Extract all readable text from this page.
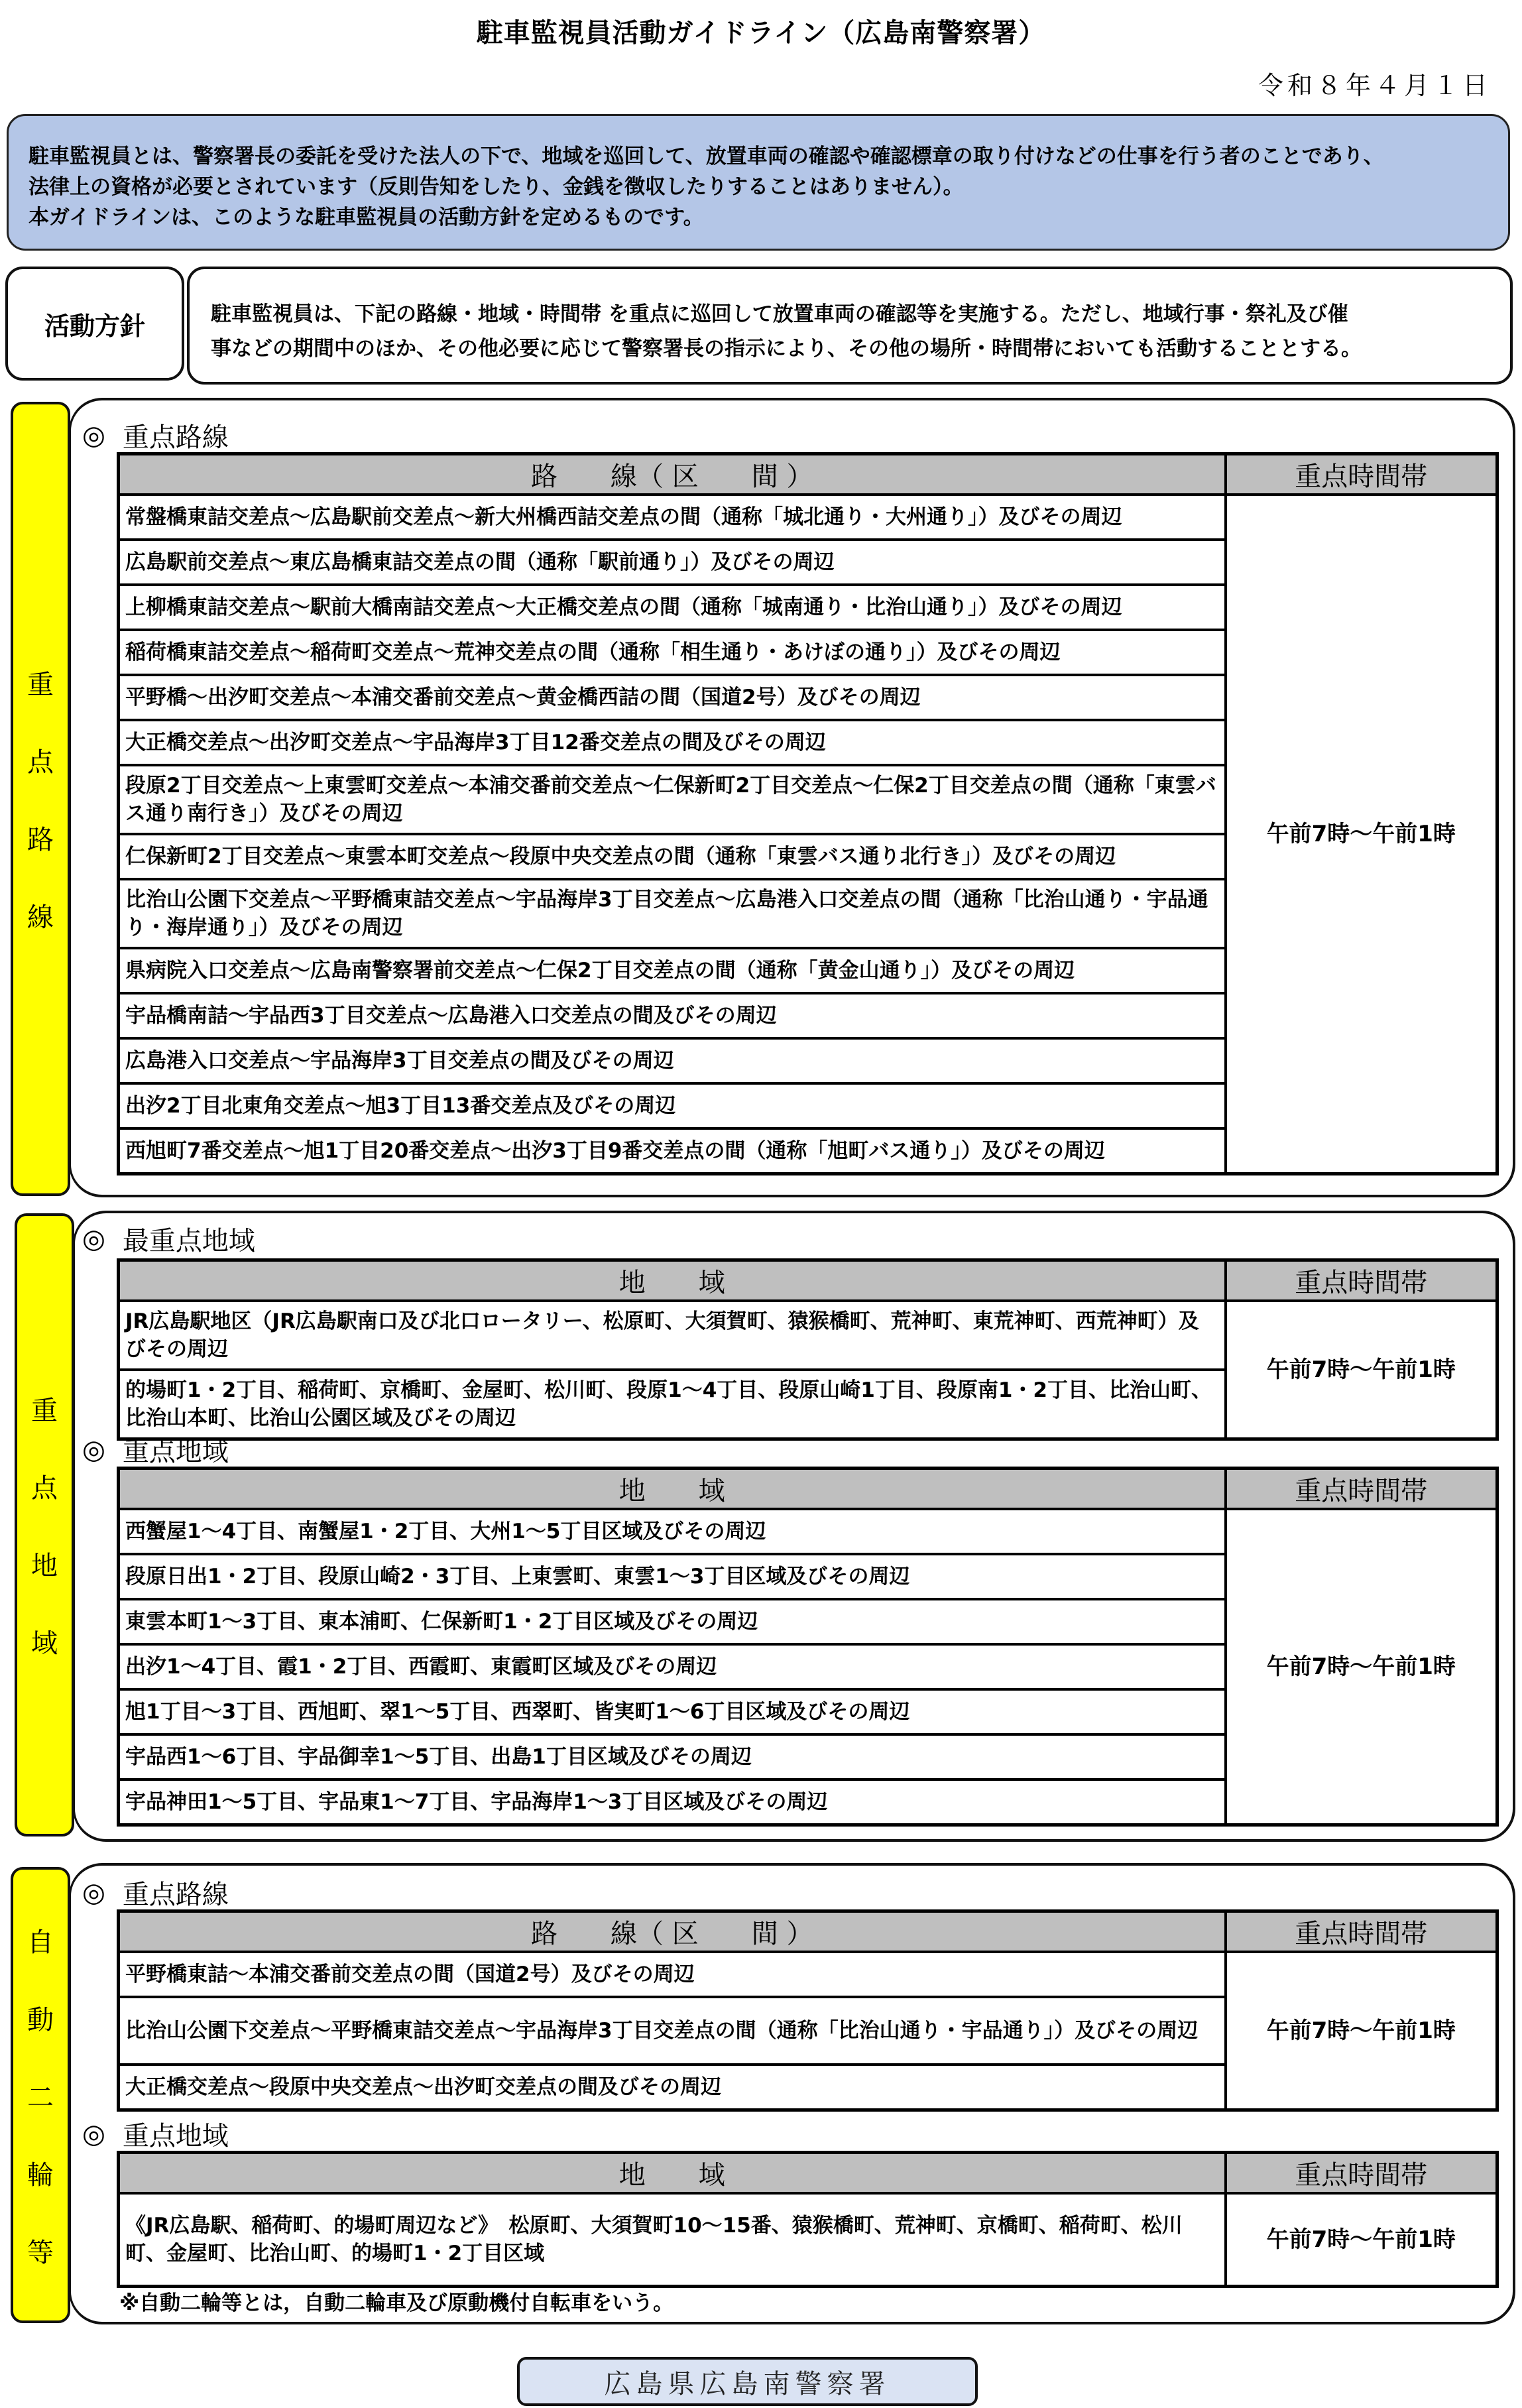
駐車監視員活動ガイドライン（広島南警察署）
令和８年４月１日
駐車監視員とは、警察署長の委託を受けた法人の下で、地域を巡回して、放置車両の確認や確認標章の取り付けなどの仕事を行う者のことであり、
法律上の資格が必要とされています（反則告知をしたり、金銭を徴収したりすることはありません）。
本ガイドラインは、このような駐車監視員の活動方針を定めるものです。
活動方針	駐車監視員は、下記の路線・地域・時間帯 を重点に巡回して放置車両の確認等を実施する。ただし、地域行事・祭礼及び催
事などの期間中のほか、その他必要に応じて警察署長の指示により、その他の場所・時間帯においても活動することとする。
重
点
路
線
◎ 重点路線
路　　線（ 区　　間 ）	重点時間帯
常盤橋東詰交差点～広島駅前交差点～新大州橋西詰交差点の間（通称「城北通り・大州通り」）及びその周辺	午前7時～午前1時
広島駅前交差点～東広島橋東詰交差点の間（通称「駅前通り」）及びその周辺	
上柳橋東詰交差点～駅前大橋南詰交差点～大正橋交差点の間（通称「城南通り・比治山通り」）及びその周辺	
稲荷橋東詰交差点～稲荷町交差点～荒神交差点の間（通称「相生通り・あけぼの通り」）及びその周辺	
平野橋～出汐町交差点～本浦交番前交差点～黄金橋西詰の間（国道2号）及びその周辺	
大正橋交差点～出汐町交差点～宇品海岸3丁目12番交差点の間及びその周辺	
段原2丁目交差点～上東雲町交差点～本浦交番前交差点～仁保新町2丁目交差点～仁保2丁目交差点の間（通称「東雲バス通り南行き」）及びその周辺	
仁保新町2丁目交差点～東雲本町交差点～段原中央交差点の間（通称「東雲バス通り北行き」）及びその周辺	
比治山公園下交差点～平野橋東詰交差点～宇品海岸3丁目交差点～広島港入口交差点の間（通称「比治山通り・宇品通り・海岸通り」）及びその周辺	
県病院入口交差点～広島南警察署前交差点～仁保2丁目交差点の間（通称「黄金山通り」）及びその周辺	
宇品橋南詰～宇品西3丁目交差点～広島港入口交差点の間及びその周辺	
広島港入口交差点～宇品海岸3丁目交差点の間及びその周辺	
出汐2丁目北東角交差点～旭3丁目13番交差点及びその周辺	
西旭町7番交差点～旭1丁目20番交差点～出汐3丁目9番交差点の間（通称「旭町バス通り」）及びその周辺	
重
点
地
域
◎ 最重点地域
地　　域	重点時間帯
JR広島駅地区（JR広島駅南口及び北口ロータリー、松原町、大須賀町、猿猴橋町、荒神町、東荒神町、西荒神町）及びその周辺	午前7時～午前1時
的場町1・2丁目、稲荷町、京橋町、金屋町、松川町、段原1～4丁目、段原山崎1丁目、段原南1・2丁目、比治山町、比治山本町、比治山公園区域及びその周辺	
◎ 重点地域
地　　域	重点時間帯
西蟹屋1～4丁目、南蟹屋1・2丁目、大州1～5丁目区域及びその周辺	午前7時～午前1時
段原日出1・2丁目、段原山崎2・3丁目、上東雲町、東雲1～3丁目区域及びその周辺	
東雲本町1～3丁目、東本浦町、仁保新町1・2丁目区域及びその周辺	
出汐1～4丁目、霞1・2丁目、西霞町、東霞町区域及びその周辺	
旭1丁目～3丁目、西旭町、翠1～5丁目、西翠町、皆実町1～6丁目区域及びその周辺	
宇品西1～6丁目、宇品御幸1～5丁目、出島1丁目区域及びその周辺	
宇品神田1～5丁目、宇品東1～7丁目、宇品海岸1～3丁目区域及びその周辺	
自
動
二
輪
等
◎ 重点路線
路　　線（ 区　　間 ）	重点時間帯
平野橋東詰～本浦交番前交差点の間（国道2号）及びその周辺	午前7時～午前1時
比治山公園下交差点～平野橋東詰交差点～宇品海岸3丁目交差点の間（通称「比治山通り・宇品通り」）及びその周辺	
大正橋交差点～段原中央交差点～出汐町交差点の間及びその周辺	
◎ 重点地域
地　　域	重点時間帯
《JR広島駅、稲荷町、的場町周辺など》　松原町、大須賀町10～15番、猿猴橋町、荒神町、京橋町、稲荷町、松川町、金屋町、比治山町、的場町1・2丁目区域	午前7時～午前1時
※自動二輪等とは，自動二輪車及び原動機付自転車をいう。
広島県広島南警察署
